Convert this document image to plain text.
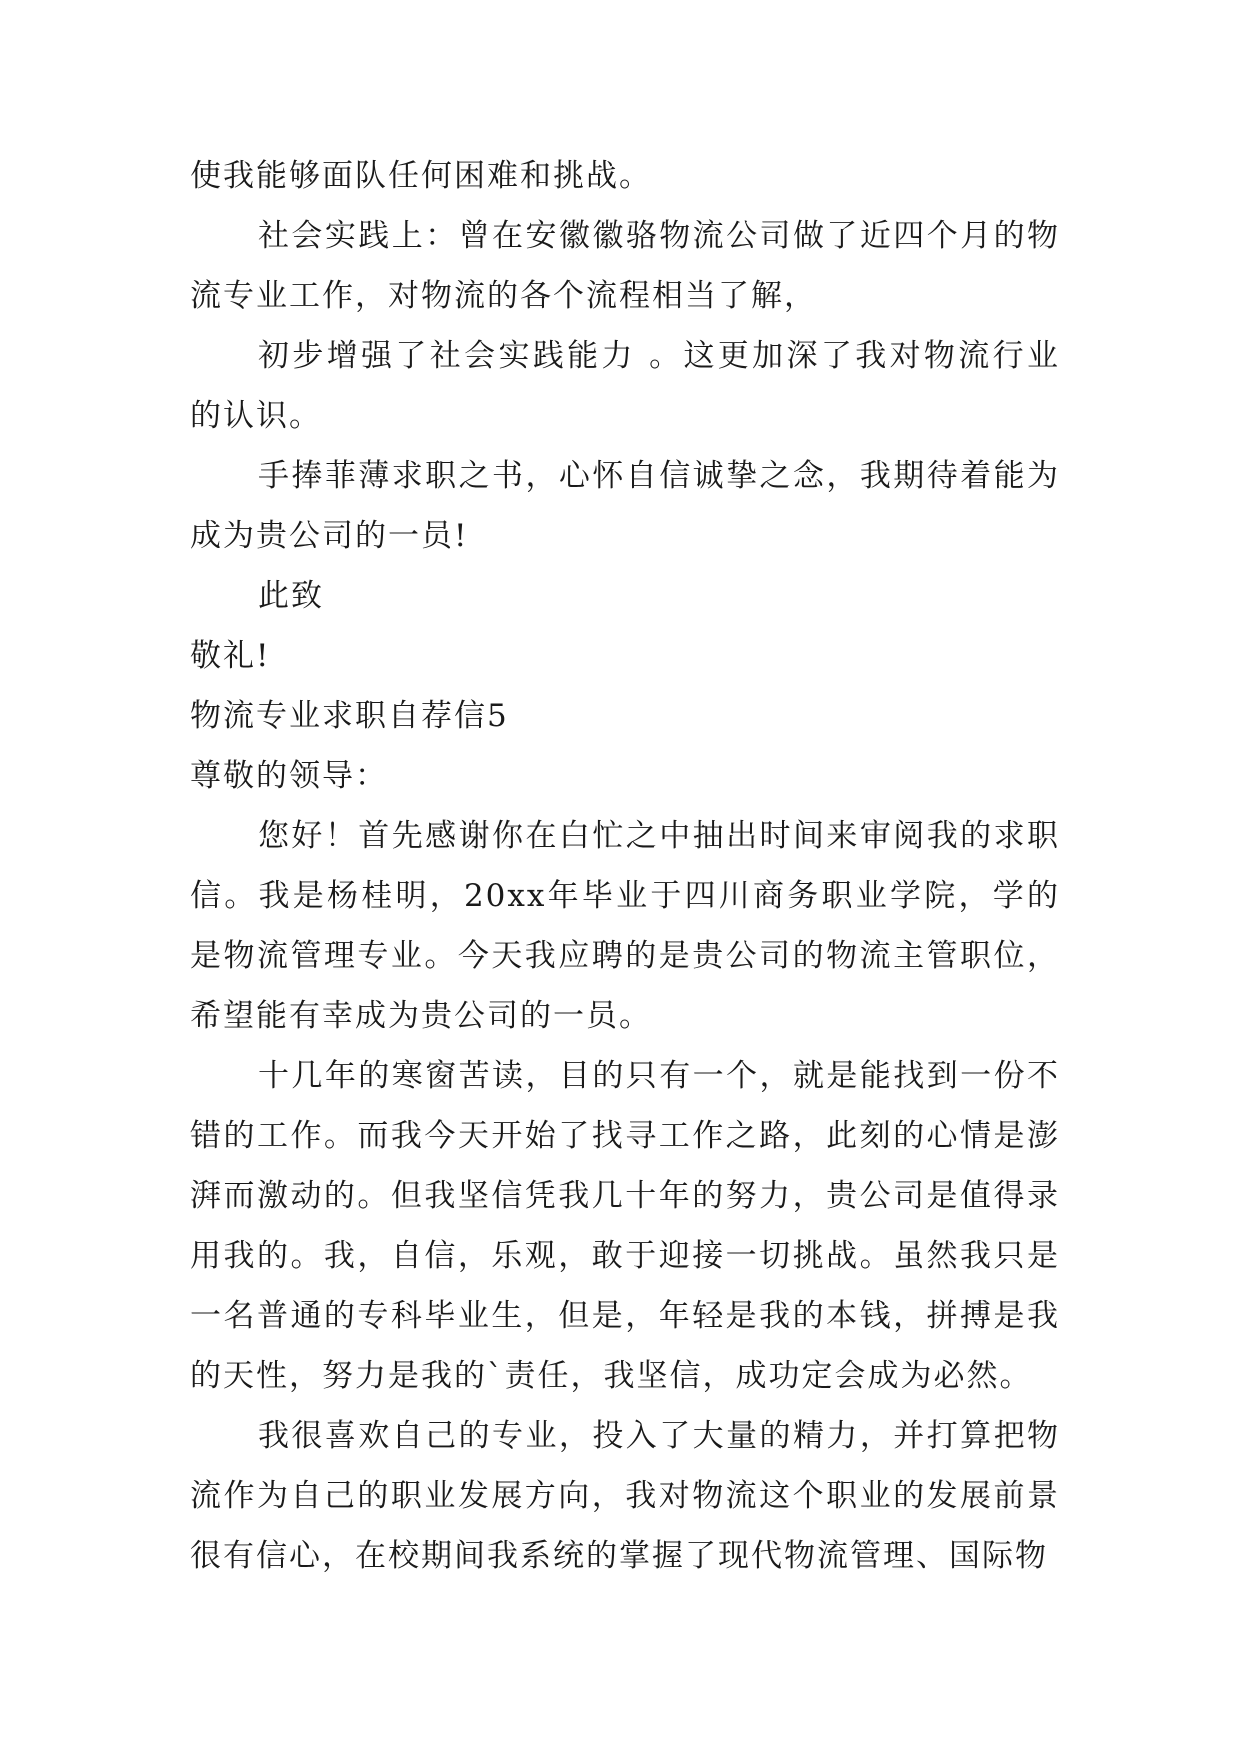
使我能够面队任何困难和挑战。

社会实践上：曾在安徽徽骆物流公司做了近四个月的物流专业工作，对物流的各个流程相当了解，

初步增强了社会实践能力 。这更加深了我对物流行业的认识。

手捧菲薄求职之书，心怀自信诚挚之念，我期待着能为成为贵公司的一员!

此致

敬礼!

物流专业求职自荐信5

尊敬的领导：

您好！首先感谢你在白忙之中抽出时间来审阅我的求职信。我是杨桂明，20xx年毕业于四川商务职业学院，学的是物流管理专业。今天我应聘的是贵公司的物流主管职位，希望能有幸成为贵公司的一员。

十几年的寒窗苦读，目的只有一个，就是能找到一份不错的工作。而我今天开始了找寻工作之路，此刻的心情是澎湃而激动的。但我坚信凭我几十年的努力，贵公司是值得录用我的。我，自信，乐观，敢于迎接一切挑战。虽然我只是一名普通的专科毕业生，但是，年轻是我的本钱，拼搏是我的天性，努力是我的`责任，我坚信，成功定会成为必然。

我很喜欢自己的专业，投入了大量的精力，并打算把物流作为自己的职业发展方向，我对物流这个职业的发展前景很有信心，在校期间我系统的掌握了现代物流管理、国际物
